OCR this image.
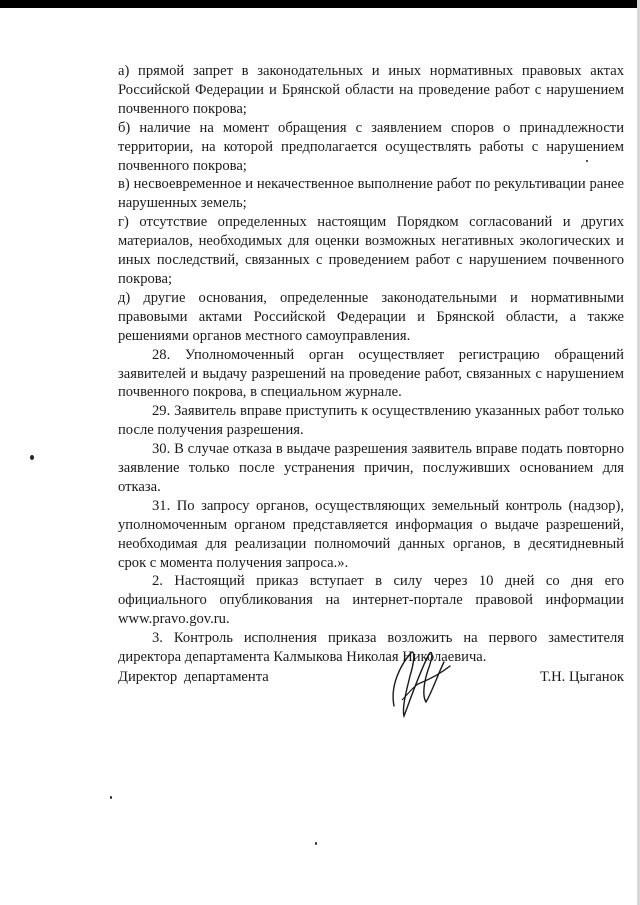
а) прямой запрет в законодательных и иных нормативных правовых актах Российской Федерации и Брянской области на проведение работ с нарушением почвенного покрова;

б) наличие на момент обращения с заявлением споров о принадлежности территории, на которой предполагается осуществлять работы с нарушением почвенного покрова;

в) несвоевременное и некачественное выполнение работ по рекультивации ранее нарушенных земель;

г) отсутствие определенных настоящим Порядком согласований и других материалов, необходимых для оценки возможных негативных экологических и иных последствий, связанных с проведением работ с нарушением почвенного покрова;

д) другие основания, определенные законодательными и нормативными правовыми актами Российской Федерации и Брянской области, а также решениями органов местного самоуправления.

28. Уполномоченный орган осуществляет регистрацию обращений заявителей и выдачу разрешений на проведение работ, связанных с нарушением почвенного покрова, в специальном журнале.

29. Заявитель вправе приступить к осуществлению указанных работ только после получения разрешения.

30. В случае отказа в выдаче разрешения заявитель вправе подать повторно заявление только после устранения причин, послуживших основанием для отказа.

31. По запросу органов, осуществляющих земельный контроль (надзор), уполномоченным органом представляется информация о выдаче разрешений, необходимая для реализации полномочий данных органов, в десятидневный срок с момента получения запроса.».

2. Настоящий приказ вступает в силу через 10 дней со дня его официального опубликования на интернет-портале правовой информации www.pravo.gov.ru.

3. Контроль исполнения приказа возложить на первого заместителя директора департамента Калмыкова Николая Николаевича.

Директор департамента	Т.Н. Цыганок
